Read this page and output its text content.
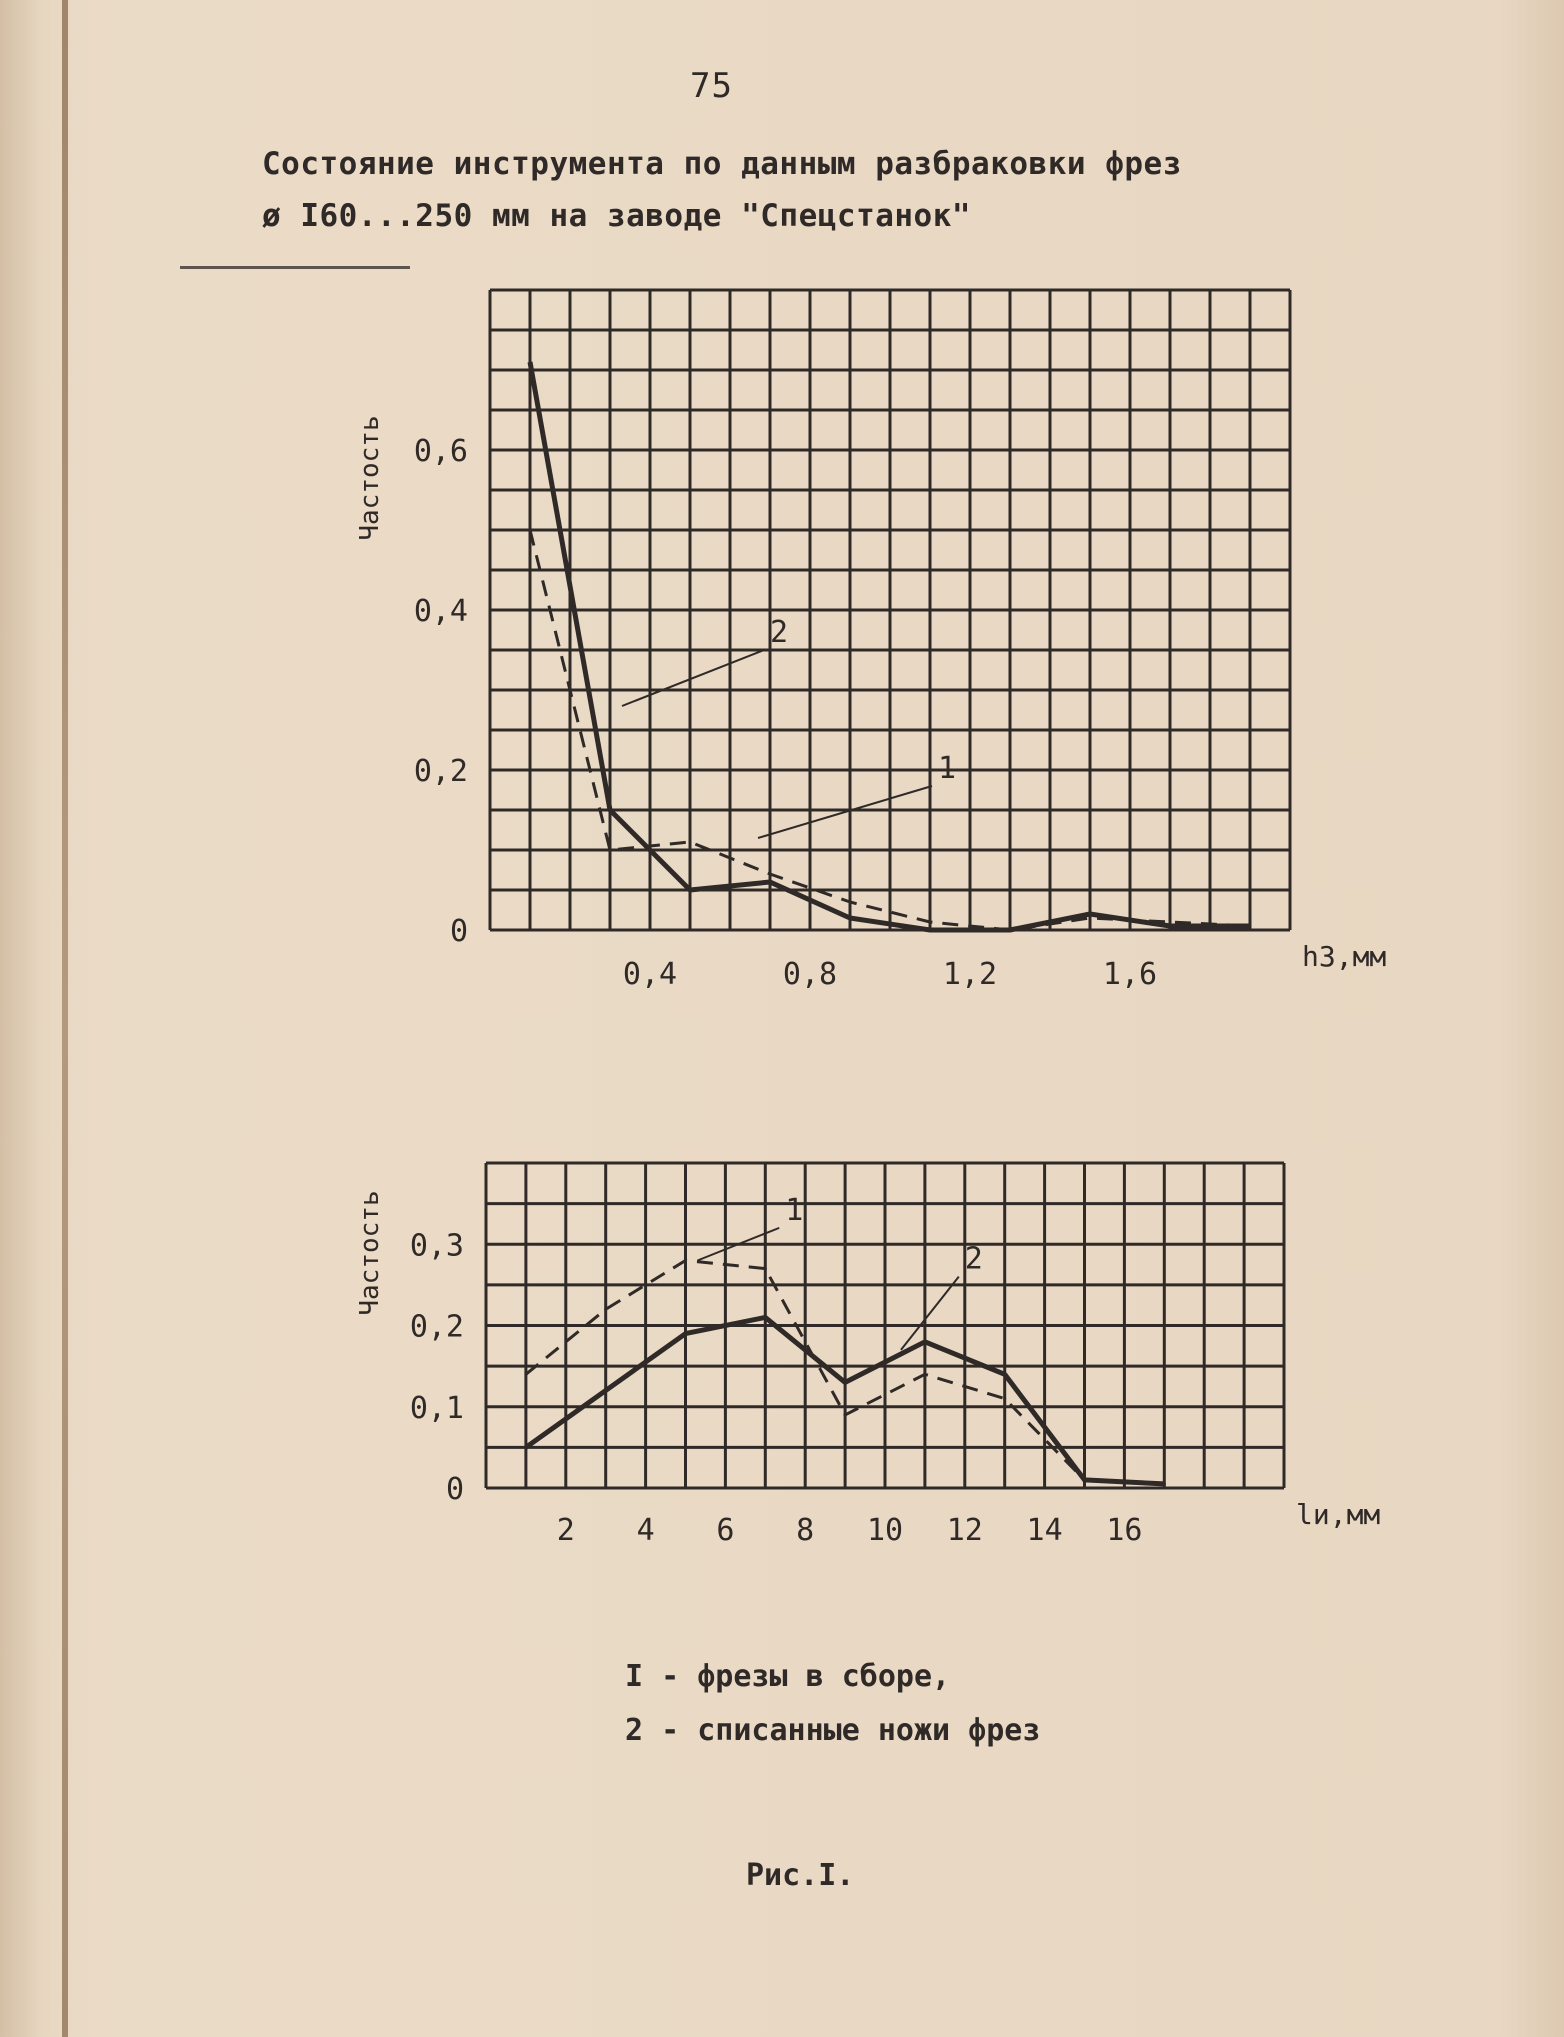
75
Состояние инструмента по данным разбраковки фрез
ø I60...250 мм на заводе "Спецстанок"
0,4	0,8	1,2	1,6
0
0,2
0,4
0,6
h3,мм
Частость
2
1
2 4 6 8 10 12 14 16
0
0,1
0,2
0,3
lи,мм
Частость	1
2
I - фрезы в сборе,
2 - списанные ножи фрез
Рис.I.
